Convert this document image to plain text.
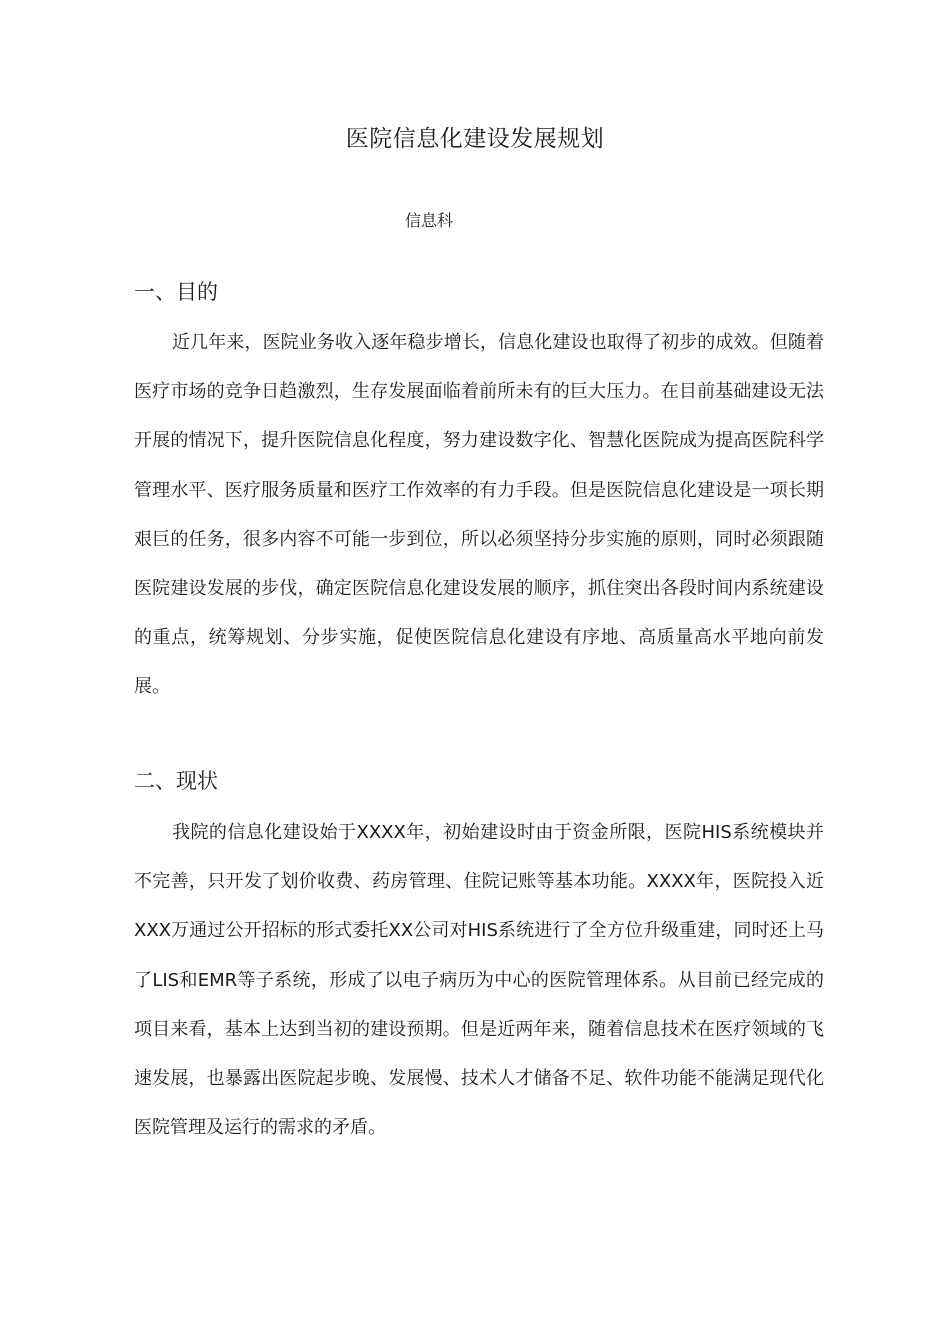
医院信息化建设发展规划
信息科
一、目的

近几年来，医院业务收入逐年稳步增长，信息化建设也取得了初步的成效。但随着医疗市场的竞争日趋激烈，生存发展面临着前所未有的巨大压力。在目前基础建设无法开展的情况下，提升医院信息化程度，努力建设数字化、智慧化医院成为提高医院科学管理水平、医疗服务质量和医疗工作效率的有力手段。但是医院信息化建设是一项长期艰巨的任务，很多内容不可能一步到位，所以必须坚持分步实施的原则，同时必须跟随医院建设发展的步伐，确定医院信息化建设发展的顺序，抓住突出各段时间内系统建设的重点，统筹规划、分步实施，促使医院信息化建设有序地、高质量高水平地向前发展。

二、现状

我院的信息化建设始于XXXX年，初始建设时由于资金所限，医院HIS系统模块并不完善，只开发了划价收费、药房管理、住院记账等基本功能。XXXX年，医院投入近XXX万通过公开招标的形式委托XX公司对HIS系统进行了全方位升级重建，同时还上马了LIS和EMR等子系统，形成了以电子病历为中心的医院管理体系。从目前已经完成的项目来看，基本上达到当初的建设预期。但是近两年来，随着信息技术在医疗领域的飞速发展，也暴露出医院起步晚、发展慢、技术人才储备不足、软件功能不能满足现代化医院管理及运行的需求的矛盾。
